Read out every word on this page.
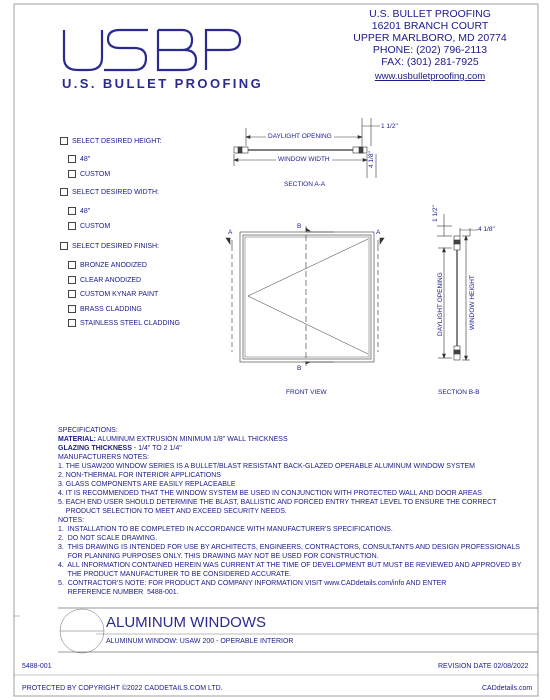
U.S. BULLET PROOFING
U.S. BULLET PROOFING
16201 BRANCH COURT
UPPER MARLBORO, MD 20774
PHONE: (202) 796-2113
FAX: (301) 281-7925
www.usbulletproofing.com
SELECT DESIRED HEIGHT:
48"
CUSTOM
SELECT DESIRED WIDTH:
48"
CUSTOM
SELECT DESIRED FINISH:
BRONZE ANODIZED
CLEAR ANODIZED
CUSTOM KYNAR PAINT
BRASS CLADDING
STAINLESS STEEL CLADDING
DAYLIGHT OPENING
1 1/2"
WINDOW WIDTH	4 1/8"
SECTION A-A
A	A
B
B
FRONT VIEW
1 1/2"
4 1/8"
DAYLIGHT OPENING	WINDOW HEIGHT
SECTION B-B
SPECIFICATIONS:
MATERIAL: ALUMINUM EXTRUSION MINIMUM 1/8" WALL THICKNESS
GLAZING THICKNESS - 1/4" TO 2 1/4"
MANUFACTURERS NOTES:
1. THE USAW200 WINDOW SERIES IS A BULLET/BLAST RESISTANT BACK-GLAZED OPERABLE ALUMINUM WINDOW SYSTEM
2. NON-THERMAL FOR INTERIOR APPLICATIONS
3. GLASS COMPONENTS ARE EASILY REPLACEABLE
4. IT IS RECOMMENDED THAT THE WINDOW SYSTEM BE USED IN CONJUNCTION WITH PROTECTED WALL AND DOOR AREAS
5. EACH END USER SHOULD DETERMINE THE BLAST, BALLISTIC AND FORCED ENTRY THREAT LEVEL TO ENSURE THE CORRECT
PRODUCT SELECTION TO MEET AND EXCEED SECURITY NEEDS.
NOTES:
1.  INSTALLATION TO BE COMPLETED IN ACCORDANCE WITH MANUFACTURER'S SPECIFICATIONS.
2.  DO NOT SCALE DRAWING.
3.  THIS DRAWING IS INTENDED FOR USE BY ARCHITECTS, ENGINEERS, CONTRACTORS, CONSULTANTS AND DESIGN PROFESSIONALS
FOR PLANNING PURPOSES ONLY. THIS DRAWING MAY NOT BE USED FOR CONSTRUCTION.
4.  ALL INFORMATION CONTAINED HEREIN WAS CURRENT AT THE TIME OF DEVELOPMENT BUT MUST BE REVIEWED AND APPROVED BY
THE PRODUCT MANUFACTURER TO BE CONSIDERED ACCURATE.
5.  CONTRACTOR'S NOTE: FOR PRODUCT AND COMPANY INFORMATION VISIT www.CADdetails.com/info AND ENTER
REFERENCE NUMBER  5488-001.
ALUMINUM WINDOWS
ALUMINUM WINDOW: USAW 200 - OPERABLE INTERIOR
5488-001	REVISION DATE 02/08/2022
PROTECTED BY COPYRIGHT ©2022 CADDETAILS.COM LTD.	CADdetails.com
